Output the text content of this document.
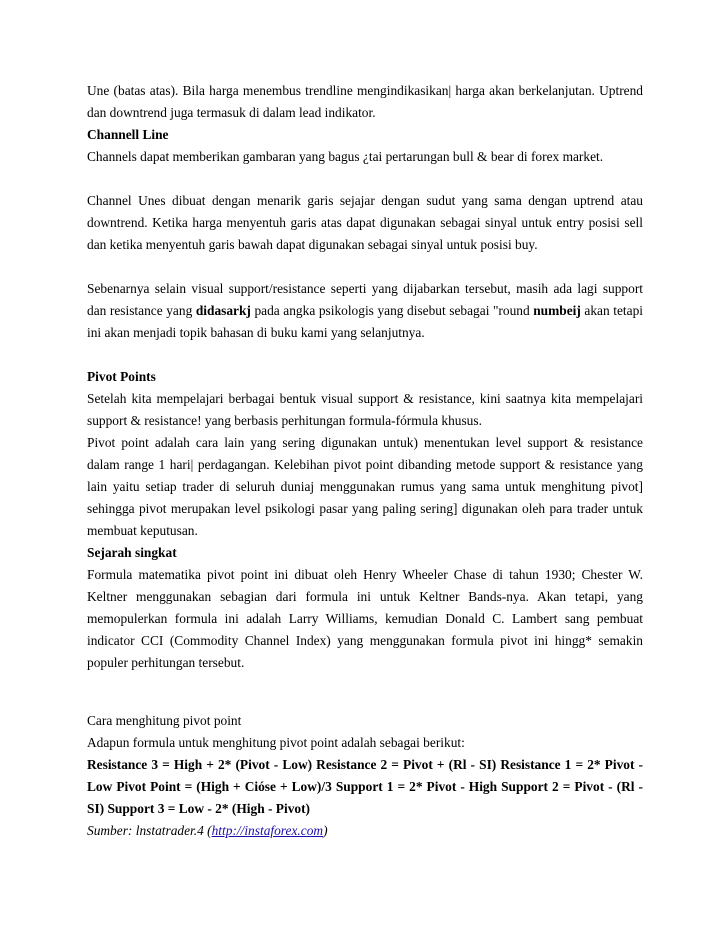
Une (batas atas). Bila harga menembus trendline mengindikasikan| harga akan berkelanjutan. Uptrend dan downtrend juga termasuk di dalam lead indikator.

Channell Line

Channels dapat memberikan gambaran yang bagus ¿tai pertarungan bull & bear di forex market.

Channel Unes dibuat dengan menarik garis sejajar dengan sudut yang sama dengan uptrend atau downtrend. Ketika harga menyentuh garis atas dapat digunakan sebagai sinyal untuk entry posisi sell dan ketika menyentuh garis bawah dapat digunakan sebagai sinyal untuk posisi buy.

Sebenarnya selain visual support/resistance seperti yang dijabarkan tersebut, masih ada lagi support dan resistance yang didasarkj pada angka psikologis yang disebut sebagai "round numbeij akan tetapi ini akan menjadi topik bahasan di buku kami yang selanjutnya.

Pivot Points

Setelah kita mempelajari berbagai bentuk visual support & resistance, kini saatnya kita mempelajari support & resistance! yang berbasis perhitungan formula-fórmula khusus.

Pivot point adalah cara lain yang sering digunakan untuk) menentukan level support & resistance dalam range 1 hari| perdagangan. Kelebihan pivot point dibanding metode support & resistance yang lain yaitu setiap trader di seluruh duniaj menggunakan rumus yang sama untuk menghitung pivot] sehingga pivot merupakan level psikologi pasar yang paling sering] digunakan oleh para trader untuk membuat keputusan.

Sejarah singkat

Formula matematika pivot point ini dibuat oleh Henry Wheeler Chase di tahun 1930; Chester W. Keltner menggunakan sebagian dari formula ini untuk Keltner Bands-nya. Akan tetapi, yang memopulerkan formula ini adalah Larry Williams, kemudian Donald C. Lambert sang pembuat indicator CCI (Commodity Channel Index) yang menggunakan formula pivot ini hingg* semakin populer perhitungan tersebut.

Cara menghitung pivot point

Adapun formula untuk menghitung pivot point adalah sebagai berikut:

Resistance 3 = High + 2* (Pivot - Low) Resistance 2 = Pivot + (Rl - SI) Resistance 1 = 2* Pivot - Low Pivot Point = (High + Cióse + Low)/3 Support 1 = 2* Pivot - High Support 2 = Pivot - (Rl - SI) Support 3 = Low - 2* (High - Pivot)

Sumber: lnstatrader.4 (http://instaforex.com)
